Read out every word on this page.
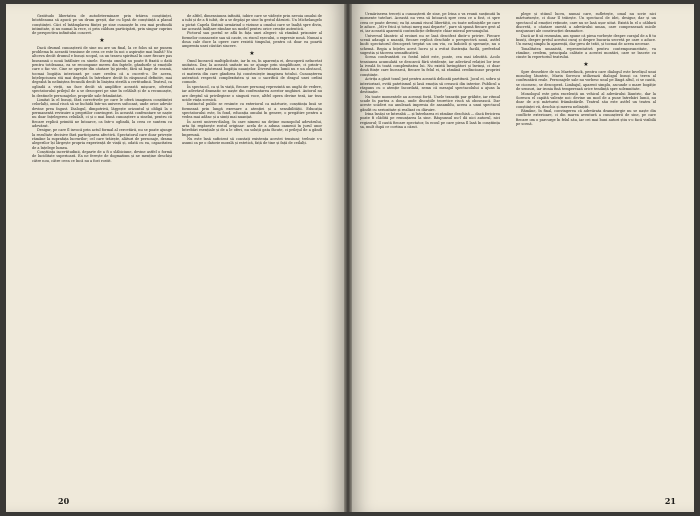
Gratitudo libertatea de autodeterminare prin trăirea conștiinței, întotdeauna să apucă pe un drum greșit, dar cu lipsă de conștiință a planul conștiinței. Căci el întâmplarea ființei pe sine cunoaște în cea mai profundă intimitate, și nu numai la rece, ci prin căldura participării, prin singur cuprins de perspectiva infinitului concret.

★

Dacă drumul cunoașterii de sine nu are un final, la ce folos să ne punem problema în această tensiune de ceea ce este în noi o aspirație mai înaltă? Nu altceva decât drumul e însuși scopul, ca un traseu spiritual în care fiecare pas înseamnă o nouă întâlnire cu sinele. Esența omului nu poate fi fixată o dată pentru totdeauna, ea se recompune mereu din faptele, gândurile și emoțiile care o fac vie. Cine se oprește din căutare își pierde, fără să bage de seamă, tocmai bogăția interioară pe care credea că a cucerit-o. De aceea, înțelepciunea stă mai degrabă în întrebare decât în răspunsul definitiv, mai degrabă în neliniștea fecundă decât în liniștea sterilă a certitudinii. Teatrul, ca oglindă a vieții, nu face decât să amplifice această mișcare, oferind spectatorului prilejul de a se descoperi pe sine în celălalt și de a recunoaște, în destinele personajelor, propriile sale frământări.

Limitat la el însuși, fără corectivele pe care le oferă imaginea conștiinței celorlalți, omul riscă să se închidă într-un univers sufocant, unde orice adevăr devine prea îngust. Dialogul, dimpotrivă, lărgește orizontul și obligă la o permanentă revizuire a propriilor convingeri. În această confruntare se naște nu doar înțelegerea celuilalt, ci și o mai bună cunoaștere a sinelui, pentru că fiecare replică primită ne întoarce, ca într-o oglindă, la ceea ce suntem cu adevărat.

Desigur, pe care îl invocă prin actul formal al cercetării, nu se poate ajunge la rezultate decisive fără participarea afectivă. Spectatorul care doar privește rămâne la suprafața lucrurilor; cel care trăiește, alături de personaje, drama alegerilor își lărgește propria experiență de viață și, odată cu ea, capacitatea de a înțelege lumea.

Conștiința incertitudinii, departe de a fi o slăbiciune, devine astfel o formă de luciditate superioară. Ea ne ferește de dogmatism și ne menține deschiși către nou, către ceea ce încă nu a fost rostit.

de altfel, dimensiunea infinită, iubire care se vădește prin nevoia omului de a iubi și de a fi iubit, de a se depăși pe sine în gestul dăruirii. Un Michelangelo a pictat Capela Sixtină urmărind o viziune a omului care se înalță spre divin, iar această înălțare rămâne un model pentru orice creație autentică.

Pictorul sau poetul se află în fața unei alegeri: să rămână prizonier al formelor consacrate sau să caute, cu riscul eșecului, o expresie nouă. Numai a doua cale duce la opere care rezistă timpului, pentru că doar ea poartă amprenta unei căutări sincere.

★

Omul încearcă multiplicitate, iar în ea, în aparența ei, descoperă neîncetat unitatea. Dar, la această unitate nu se ajunge prin simplificare, ci printr-o sinteză care păstrează bogăția nuanțelor. Diversitatea lumii nu e un obstacol, ci materia din care gândirea își construiește imaginea totului. Cunoașterea autentică respectă complexitatea și nu o sacrifică de dragul unei ordini comode.

În spectacol, ca și în viață, fiecare personaj reprezintă un unghi de vedere, iar adevărul dramatic se naște din confruntarea acestor unghiuri. Autorul nu are dreptul să privilegieze o singură voce, altfel opera devine teză, iar teza ucide viața scenică.

Instinctul public se resimte cu exteriorul ca mărturie, conștiința însă se formează prin lungă exersare a atenției și a sensibilității. Educația spectatorului este, în fond, educația omului în genere, o pregătire pentru a vedea mai adânc și a simți mai nuanțat.

În acest univers-dialog, în care nimeni nu deține monopolul adevărului, arta își regăsește rostul originar: acela de a aduna oamenii în jurul unor întrebări esențiale și de a le oferi, nu soluții gata făcute, ci prilejul de a gândi împreună.

Nu este însă suficient să constați existența acestei tensiuni; trebuie s-o asumi ca pe o datorie morală și estetică, față de tine și față de ceilalți.

20

Urmăriserea treceți a cunoașterii de sine, pe Irina o va reunii susținută în momente tuteluri. Această nu vrea să întoarcă spre ceea ce a fost, ci spre ceea ce poate deveni; ea își asumă riscul libertății, cu toate neliniștile pe care le aduce. „Mi-e frică și totuși merg mai departe”, pare să spună fiecare gest al ei, iar această aparentă contradicție definește chiar miezul personajului.

Universul lăuntric al eroinei nu se lasă descifrat dintr-o privire. Fiecare scenă adaugă o nuanță, fiecare replică deschide o perspectivă nouă, astfel încât spectatorul descoperă treptat un om viu, cu îndoieli și speranțe, nu o schemă. Regia a înțeles acest lucru și a evitat ilustrația facilă, preferând sugestia și tăcerea semnificativă.

Scena confruntării cu fostul iubit este, poate, cea mai izbutită. Acolo tensiunea acumulată se descarcă fără stridențe, iar adevărul relației lor iese la iveală în toată complexitatea lui. Nu există învingători și învinși, ci doar două ființe care încearcă, fiecare în felul ei, să rămână credincioase propriei conștiințe.

Actrița a găsit tonul just pentru această delicată partitură. Jocul ei, sobru și interiorizat, evită patetismul și lasă emoția să crească din interior. Publicul a răspuns cu o atenție încordată, semn că mesajul spectacolului a ajuns la destinație.

Nu toate momentele au aceeași forță. Unele tranziții par grăbite, iar ritmul scade în partea a doua, unde discuțiile teoretice riscă să obosească. Dar aceste scăderi nu anulează impresia de ansamblu, aceea a unui spectacol gândit cu seriozitate și realizat cu dăruire.

Irina însăși se întreabă — și întrebarea ei rămâne deschisă — dacă fericirea poate fi clădită pe renunțarea la sine. Răspunsul nu-l dă nici autorul, nici regizorul; îl caută fiecare spectator, în ecoul pe care piesa îl lasă în conștiința sa, mult după ce cortina a căzut.

plege și stiinul lucru, numai care, sufletește, omul nu scrie nici mărturisește, ci doar îl trăiește. Un spectacol de idei, desigur, dar și un spectacol al emoției reținute, care nu se lasă ușor uitat. Există în el o căldură discretă, o căutare onestă a adevărului uman, care compensează micile neajunsuri ale construcției dramatice.

Dacă ar fi să rezumăm, am spune că piesa vorbește despre curajul de a fi tu însuți, despre prețul acestui curaj și despre bucuria secretă pe care o aduce. Un mesaj simplu în aparență, dar greu de trăit, și tocmai de aceea necesar.

Tonalitatea umanistă, reprezentativă pentru contemporaneitate, va rămâne, credem, principala calitate a acestei montări, care se înscrie cu cinste în repertoriul teatrului.

★

Spre deosebire de un Maeterlinck, pentru care dialogul este învelișul unui monolog lăuntric, Marin Sorescu utilizează dialogul însuși ca teren al confruntării reale. Personajele sale nu vorbesc unul pe lângă altul, ci se caută, se ciocnesc, se descoperă. Limbajul, aparent simplu, ascunde o mare bogăție de sensuri, iar ironia fină temperează orice tendință spre solemnitate.

Monologul este prin excelență un vehicul al adevărului lăuntric, dar la Sorescu el capătă valențe noi: devine un mod de a pune întrebări lumii, nu doar de a-și mărturisi frământările. Teatrul său este astfel un teatru al conștiinței vii, deschis și mereu neliniștit.

Rămâne, în final, convingerea că adevărata dramaturgie nu se naște din conflicte exterioare, ci din marea aventură a cunoașterii de sine, pe care fiecare om o parcurge în felul său, iar cei mai buni autori știu s-o facă vizibilă pe scenă.

21
